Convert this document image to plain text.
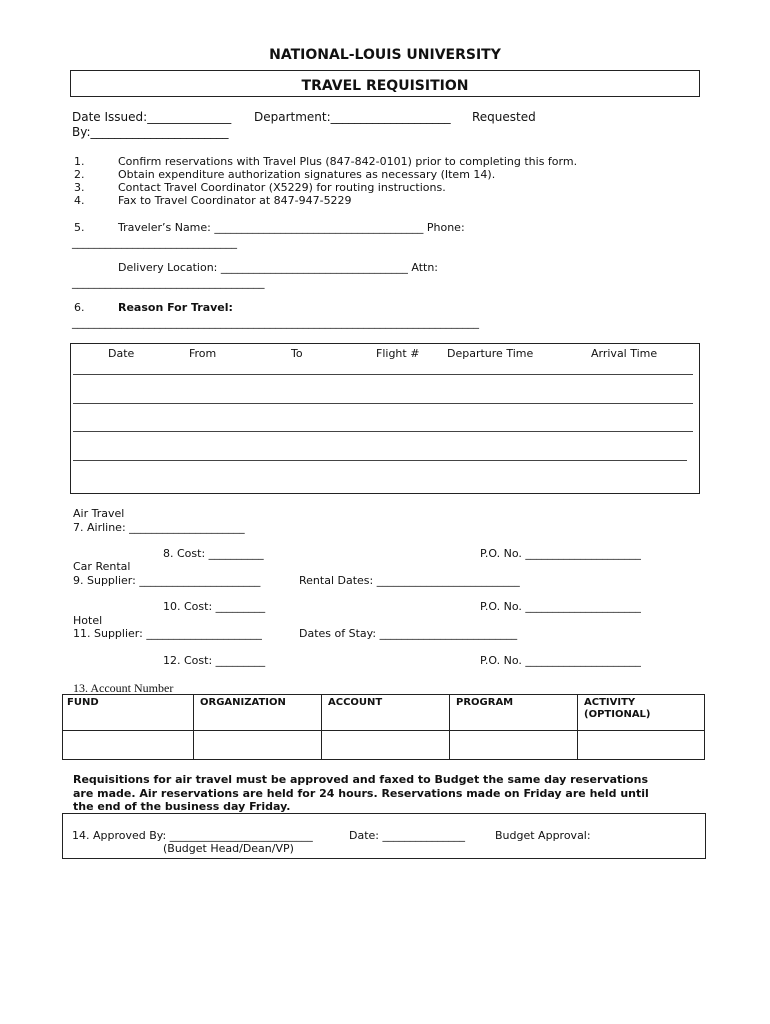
NATIONAL-LOUIS UNIVERSITY
TRAVEL REQUISITION
Date Issued:______________ Department:____________________ Requested
By:_______________________
1.	Confirm reservations with Travel Plus (847-842-0101) prior to completing this form.
2.	Obtain expenditure authorization signatures as necessary (Item 14).
3.	Contact Travel Coordinator (X5229) for routing instructions.
4.	Fax to Travel Coordinator at 847-947-5229
5.	Traveler’s Name: ______________________________________ Phone:
______________________________
Delivery Location: __________________________________ Attn:
___________________________________
6.	Reason For Travel:
__________________________________________________________________________
Date	From	To	Flight #	Departure Time	Arrival Time
Air Travel
7. Airline: _____________________
8. Cost: __________	P.O. No. _____________________
Car Rental
9. Supplier: ______________________	Rental Dates: __________________________
10. Cost: _________	P.O. No. _____________________
Hotel
11. Supplier: _____________________	Dates of Stay: _________________________
12. Cost: _________	P.O. No. _____________________
13. Account Number
FUND	ORGANIZATION	ACCOUNT	PROGRAM	ACTIVITY
(OPTIONAL)
Requisitions for air travel must be approved and faxed to Budget the same day reservations
are made. Air reservations are held for 24 hours. Reservations made on Friday are held until
the end of the business day Friday.
14. Approved By: __________________________	Date: _______________	Budget Approval:
(Budget Head/Dean/VP)
